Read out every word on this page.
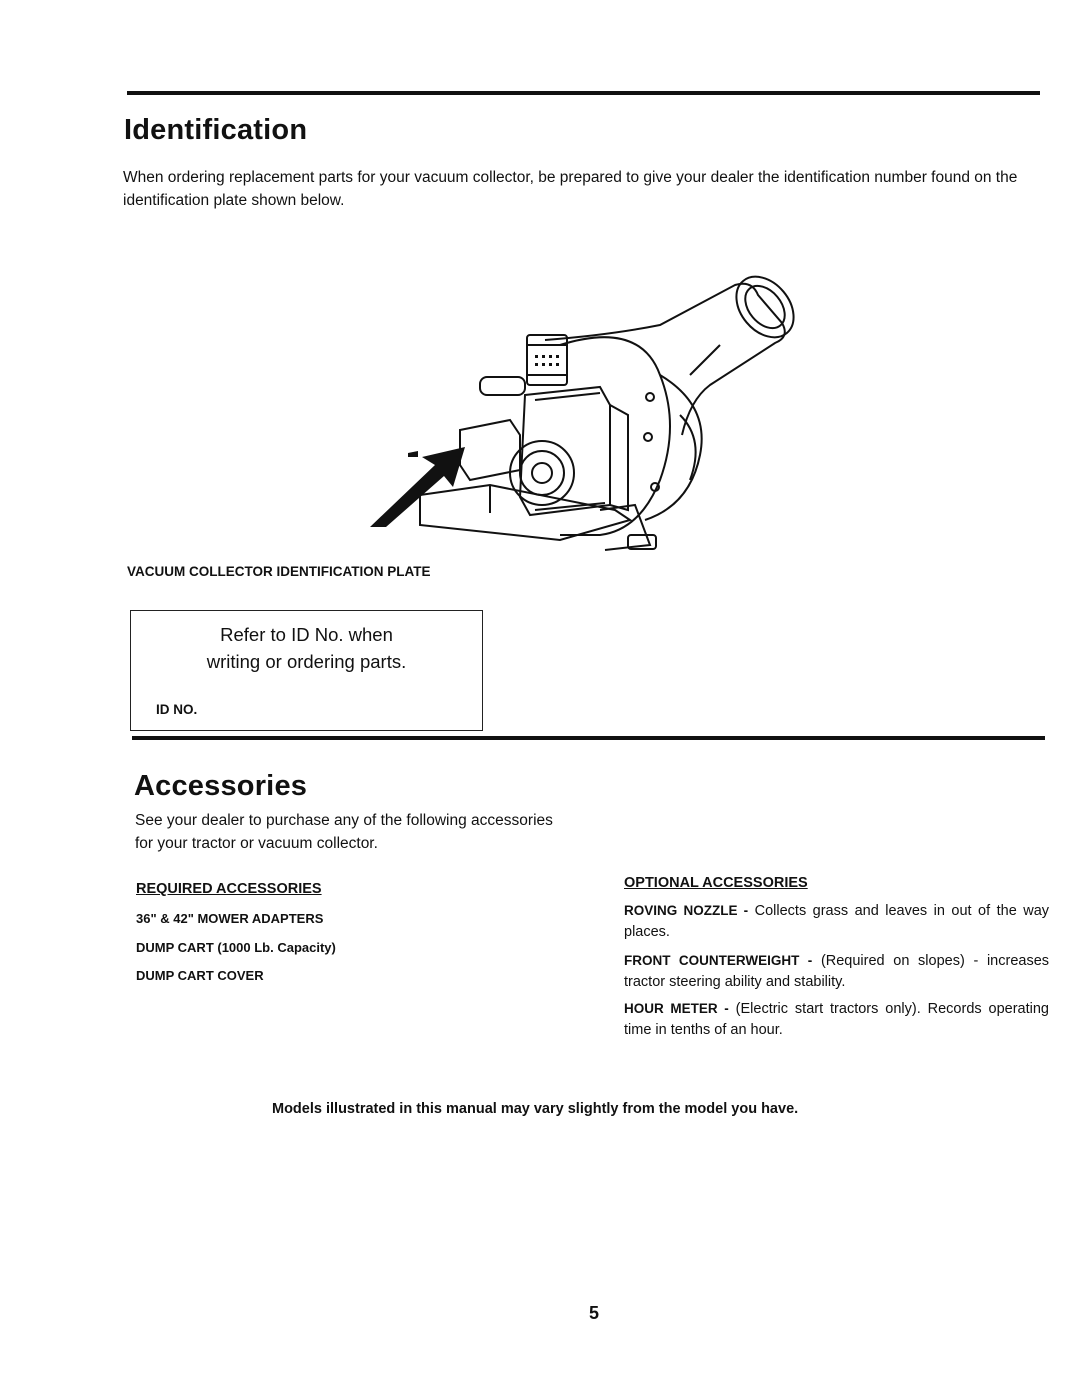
Identification
When ordering replacement parts for your vacuum collector, be prepared to give your dealer the identification number found on the identification plate shown below.
VACUUM COLLECTOR IDENTIFICATION PLATE
Refer to ID No. when
writing or ordering parts.
ID NO.
Accessories
See your dealer to purchase any of the following accessories for your tractor or vacuum collector.
REQUIRED ACCESSORIES
36" & 42" MOWER ADAPTERS
DUMP CART (1000 Lb. Capacity)
DUMP CART COVER
OPTIONAL ACCESSORIES
ROVING NOZZLE - Collects grass and leaves in out of the way places.
FRONT COUNTERWEIGHT - (Required on slopes) - increases tractor steering ability and stability.
HOUR METER - (Electric start tractors only). Records operating time in tenths of an hour.
Models illustrated in this manual may vary slightly from the model you have.
5
